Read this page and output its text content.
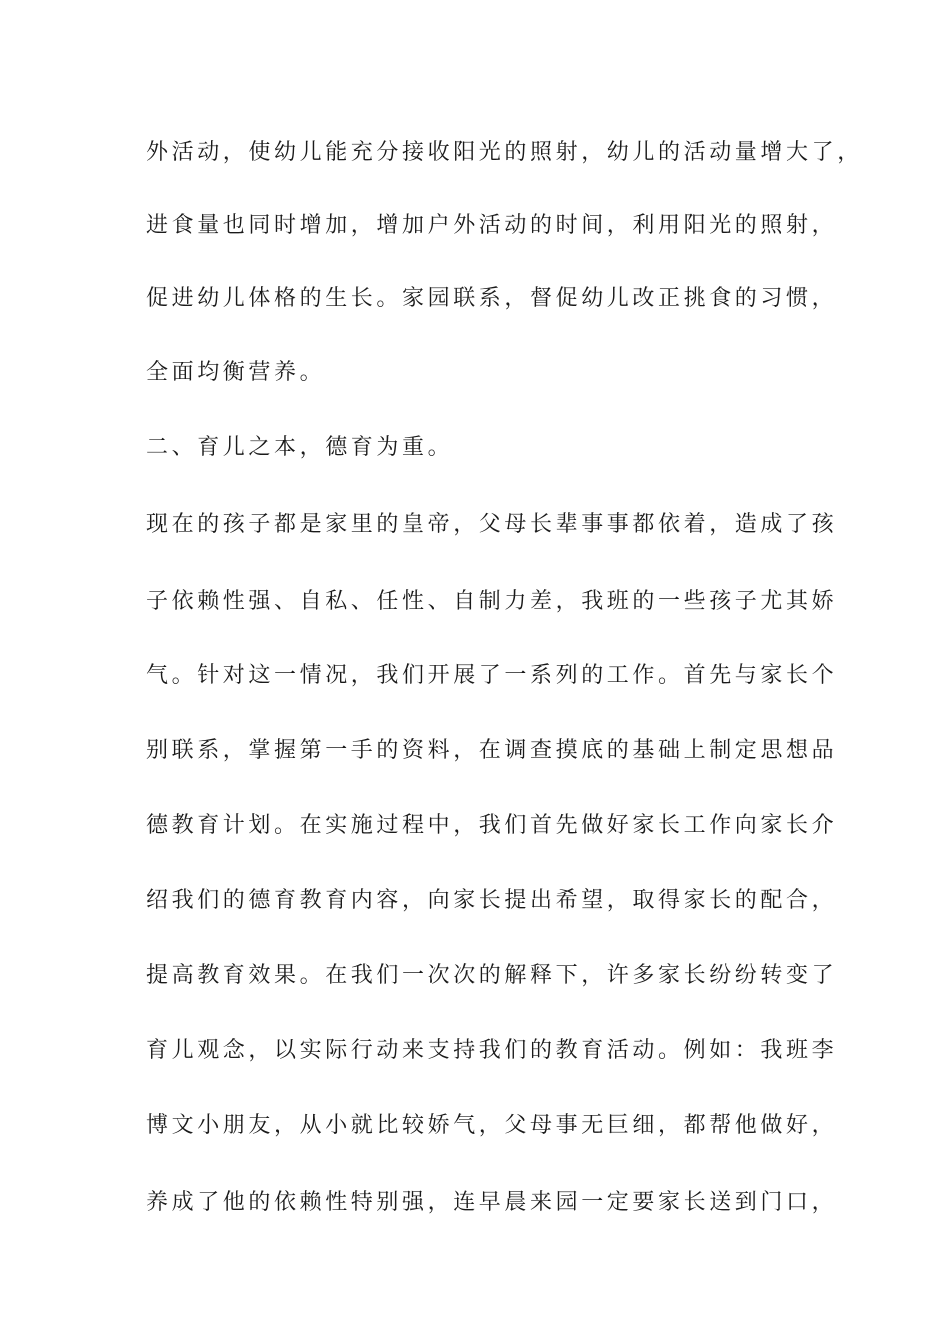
外活动，使幼儿能充分接收阳光的照射，幼儿的活动量增大了，
进食量也同时增加，增加户外活动的时间，利用阳光的照射，
促进幼儿体格的生长。家园联系，督促幼儿改正挑食的习惯，
全面均衡营养。
二、育儿之本，德育为重。
现在的孩子都是家里的皇帝，父母长辈事事都依着，造成了孩
子依赖性强、自私、任性、自制力差，我班的一些孩子尤其娇
气。针对这一情况，我们开展了一系列的工作。首先与家长个
别联系，掌握第一手的资料，在调查摸底的基础上制定思想品
德教育计划。在实施过程中，我们首先做好家长工作向家长介
绍我们的德育教育内容，向家长提出希望，取得家长的配合，
提高教育效果。在我们一次次的解释下，许多家长纷纷转变了
育儿观念，以实际行动来支持我们的教育活动。例如：我班李
博文小朋友，从小就比较娇气，父母事无巨细，都帮他做好，
养成了他的依赖性特别强，连早晨来园一定要家长送到门口，
